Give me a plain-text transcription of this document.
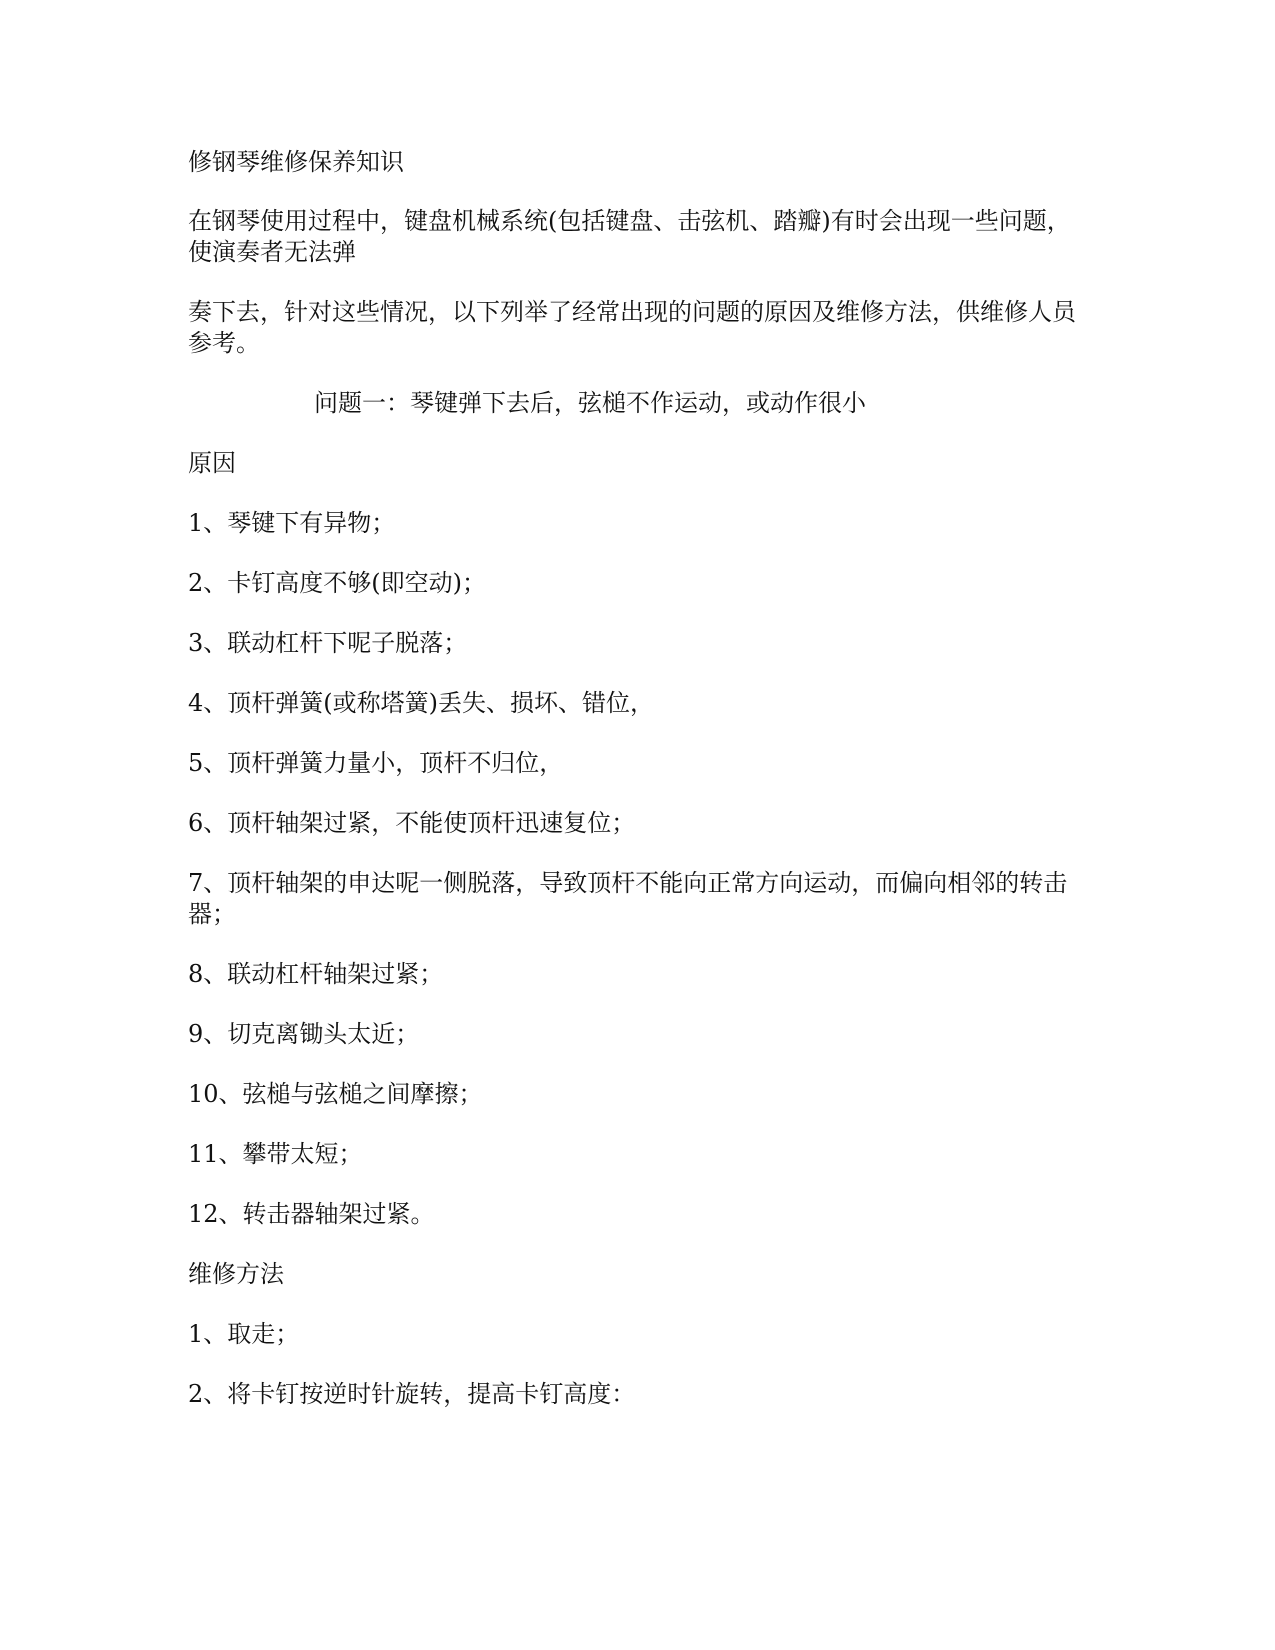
修钢琴维修保养知识
在钢琴使用过程中，键盘机械系统(包括键盘、击弦机、踏瓣)有时会出现一些问题，使演奏者无法弹
奏下去，针对这些情况，以下列举了经常出现的问题的原因及维修方法，供维修人员参考。
问题一：琴键弹下去后，弦槌不作运动，或动作很小
原因
1、琴键下有异物；
2、卡钉高度不够(即空动)；
3、联动杠杆下呢子脱落；
4、顶杆弹簧(或称塔簧)丢失、损坏、错位，
5、顶杆弹簧力量小，顶杆不归位，
6、顶杆轴架过紧，不能使顶杆迅速复位；
7、顶杆轴架的申达呢一侧脱落，导致顶杆不能向正常方向运动，而偏向相邻的转击器；
8、联动杠杆轴架过紧；
9、切克离锄头太近；
10、弦槌与弦槌之间摩擦；
11、攀带太短；
12、转击器轴架过紧。
维修方法
1、取走；
2、将卡钉按逆时针旋转，提高卡钉高度：
